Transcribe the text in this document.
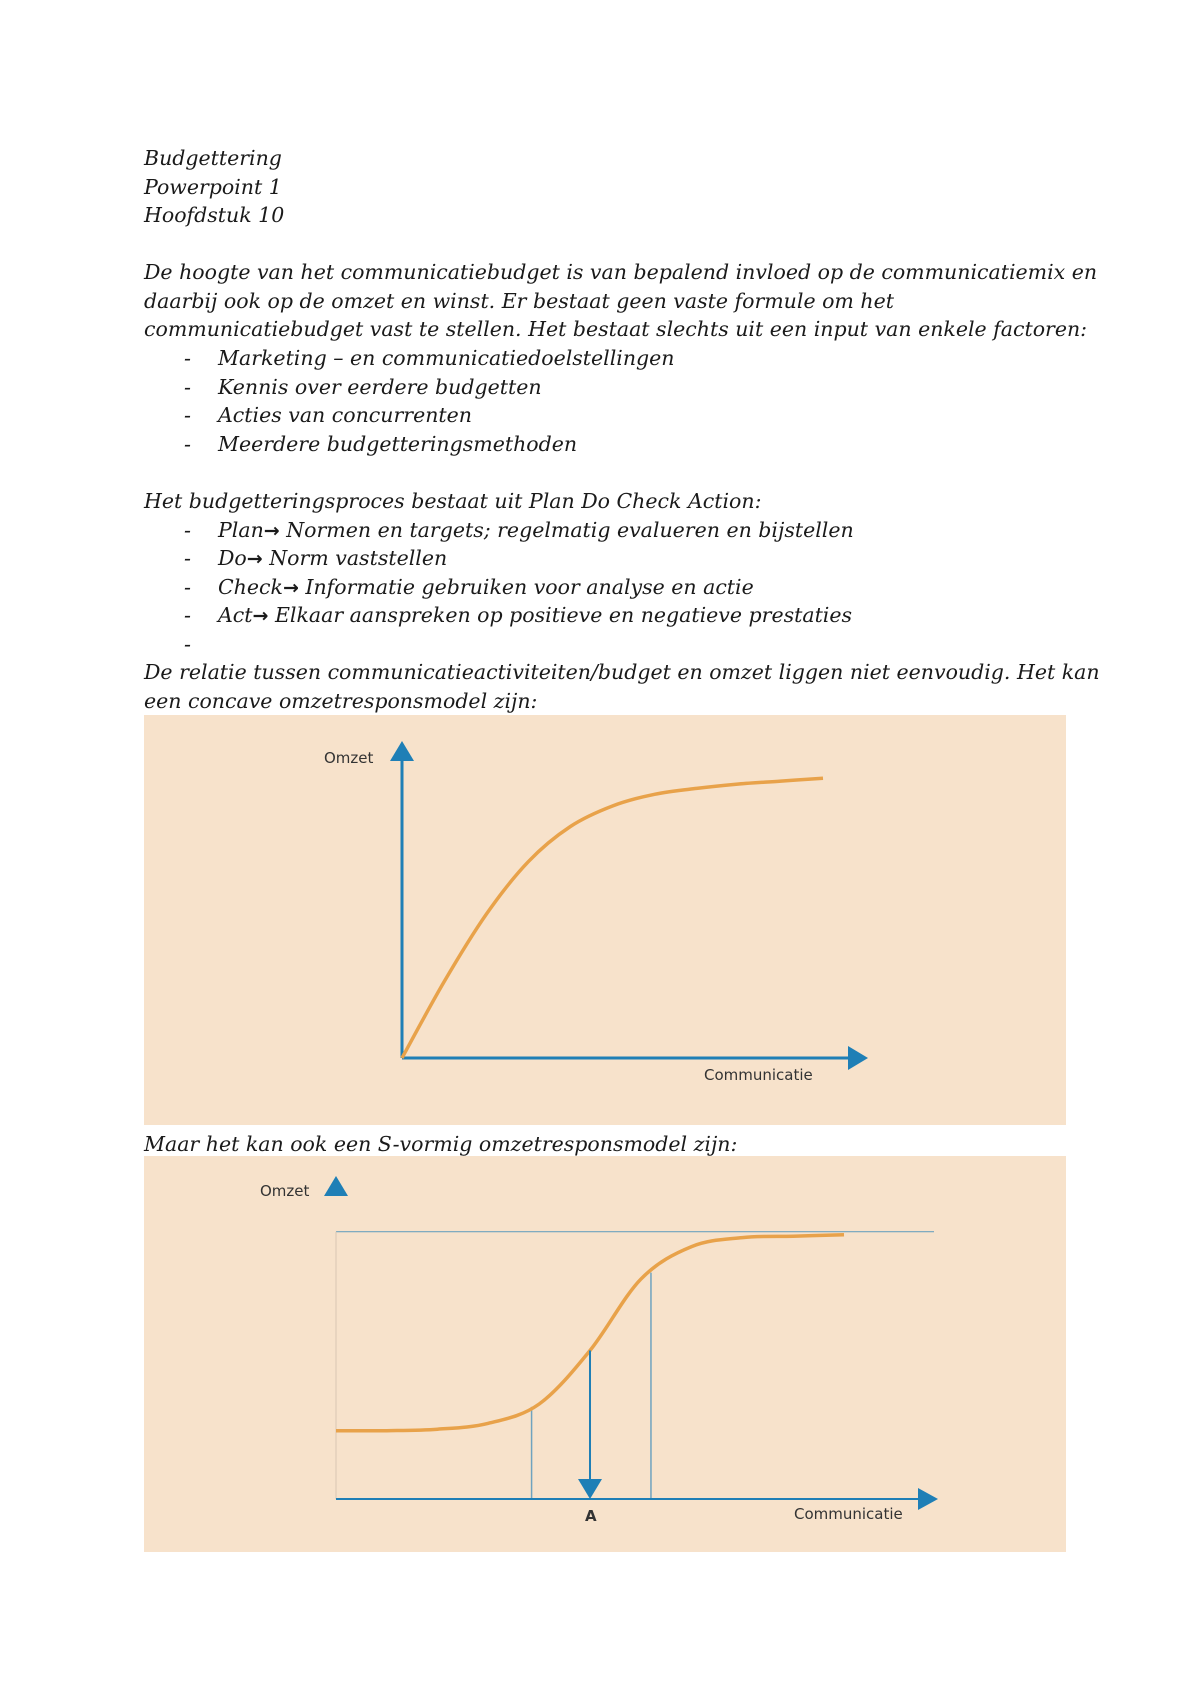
Budgettering
Powerpoint 1
Hoofdstuk 10
De hoogte van het communicatiebudget is van bepalend invloed op de communicatiemix en
daarbij ook op de omzet en winst. Er bestaat geen vaste formule om het
communicatiebudget vast te stellen. Het bestaat slechts uit een input van enkele factoren:
- Marketing – en communicatiedoelstellingen
- Kennis over eerdere budgetten
- Acties van concurrenten
- Meerdere budgetteringsmethoden
Het budgetteringsproces bestaat uit Plan Do Check Action:
- Plan→ Normen en targets; regelmatig evalueren en bijstellen
- Do→ Norm vaststellen
- Check→ Informatie gebruiken voor analyse en actie
- Act→ Elkaar aanspreken op positieve en negatieve prestaties
-
De relatie tussen communicatieactiviteiten/budget en omzet liggen niet eenvoudig. Het kan
een concave omzetresponsmodel zijn:
Omzet
Communicatie
Maar het kan ook een S-vormig omzetresponsmodel zijn:
A
Omzet
Communicatie
